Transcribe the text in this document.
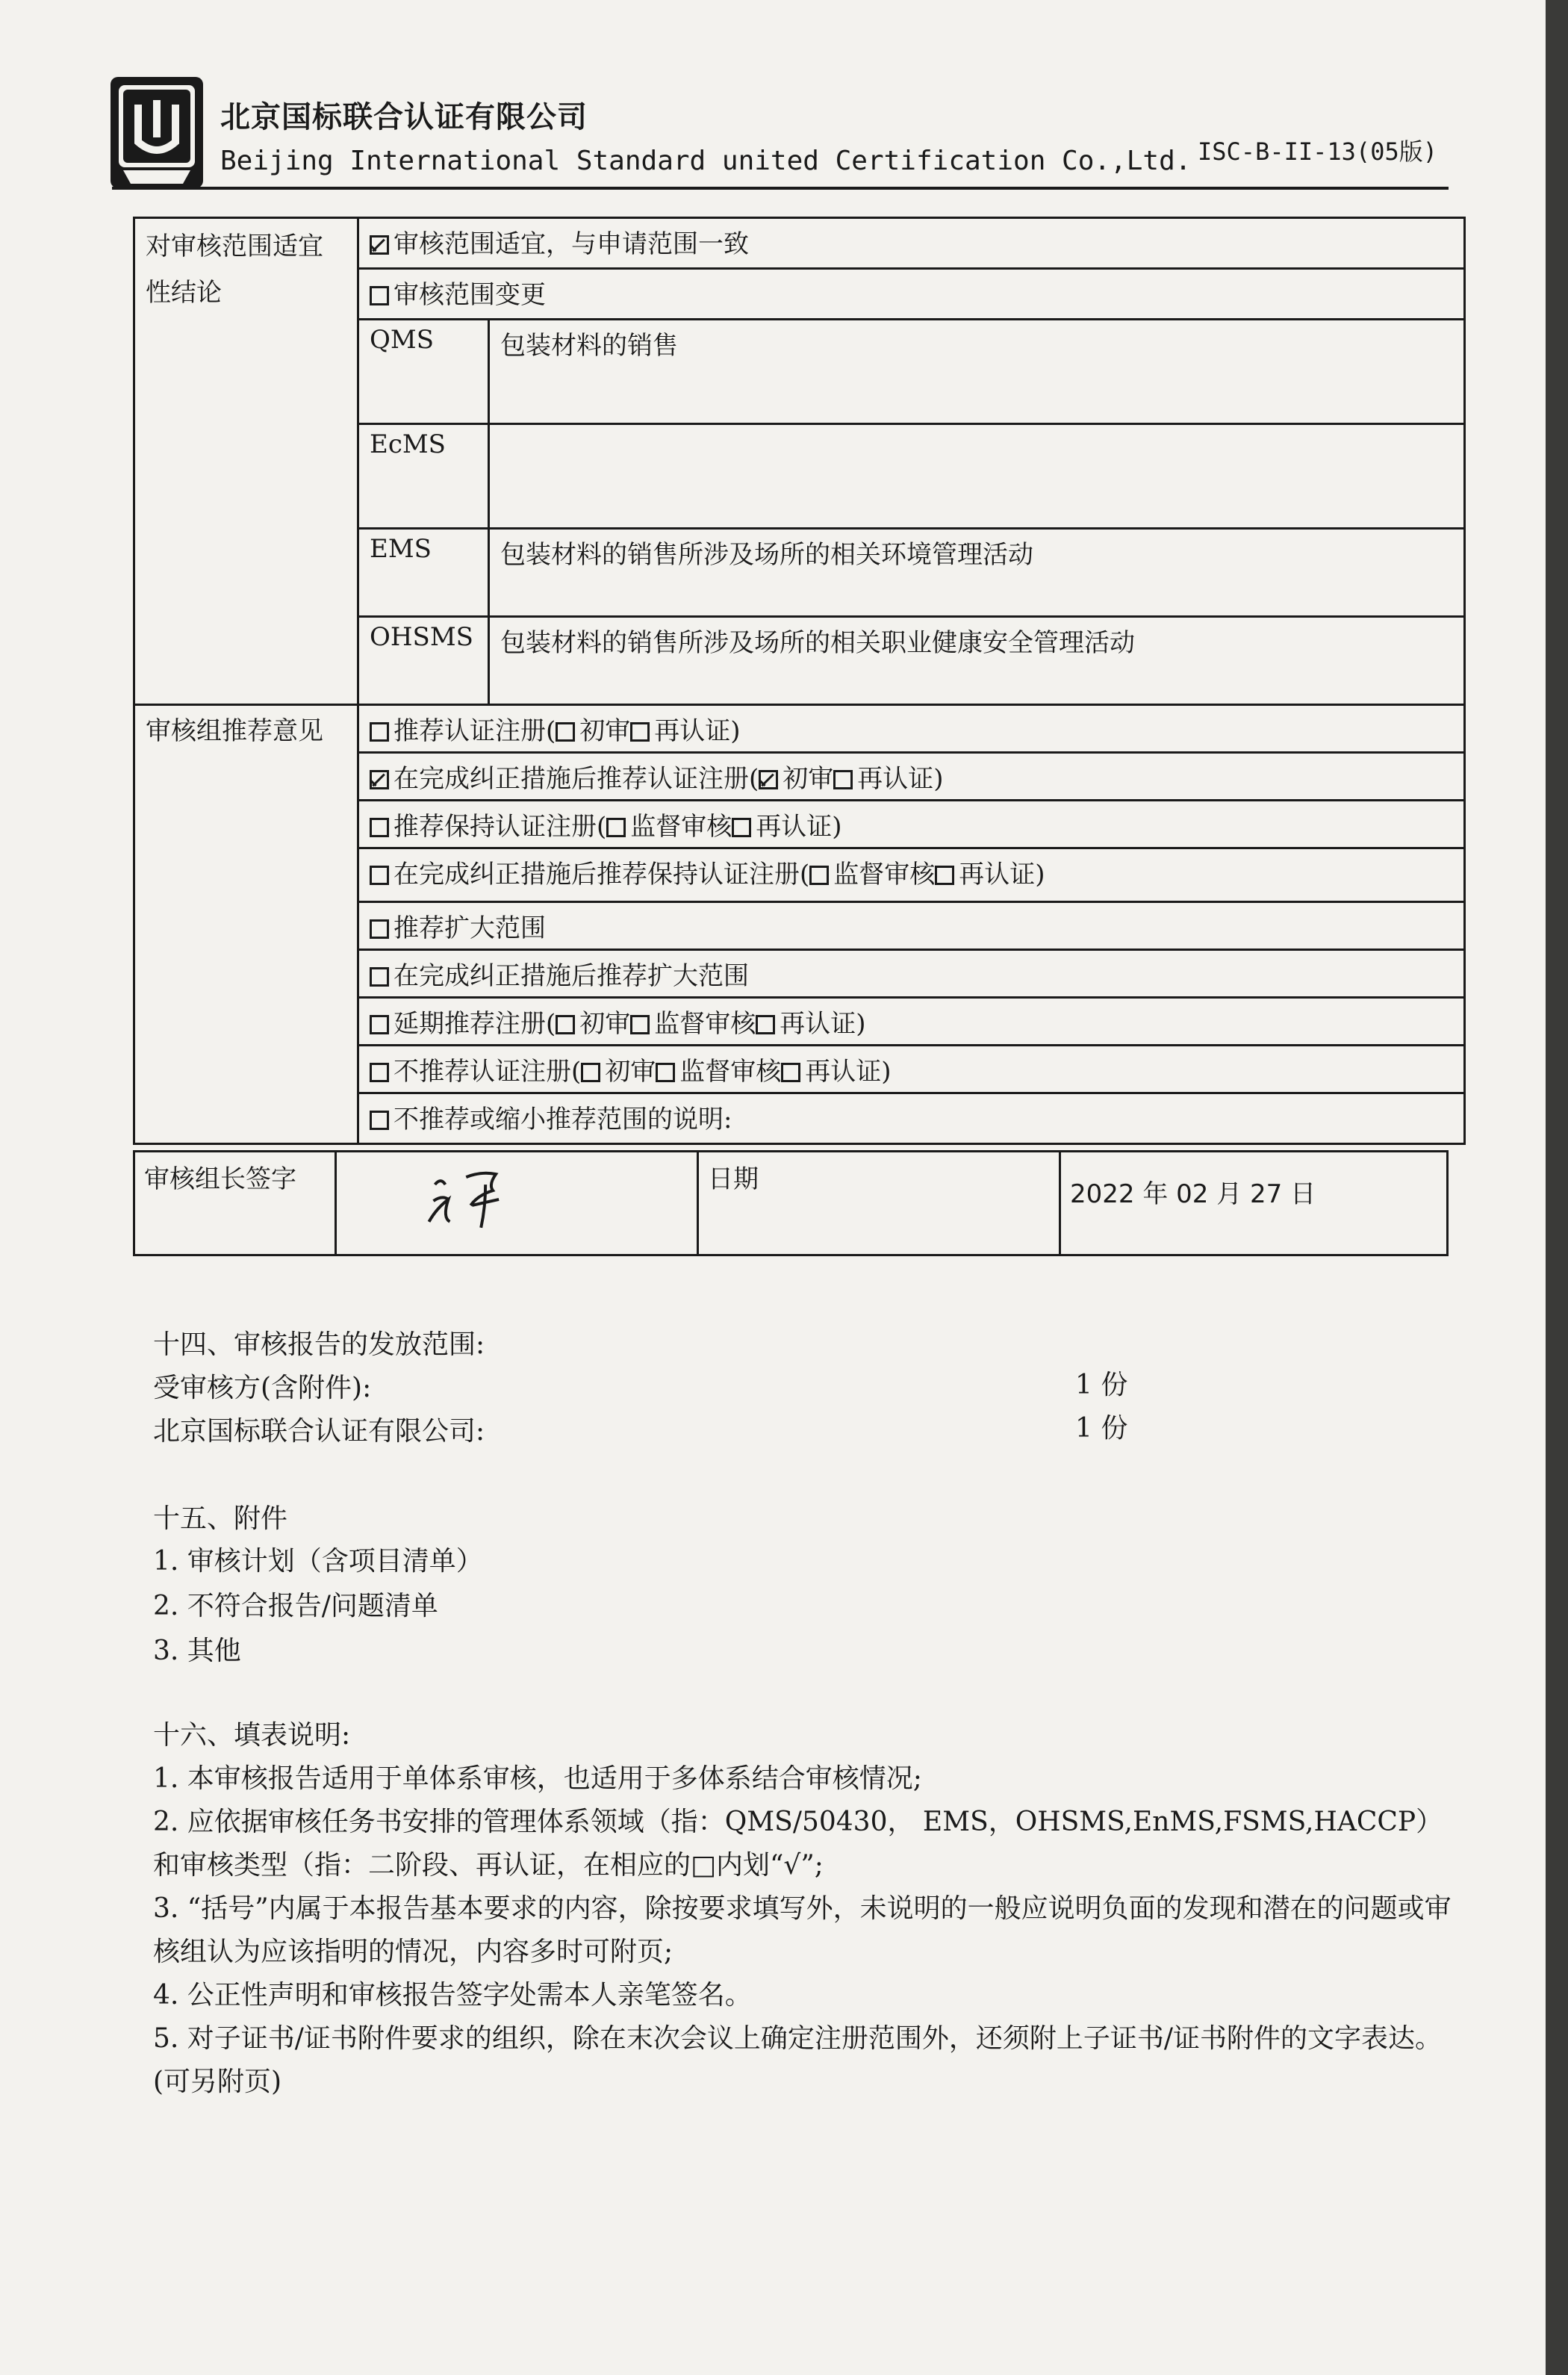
北京国标联合认证有限公司
Beijing International Standard united Certification Co.,Ltd. ISC-B-II-13(05版)
对审核范围适宜性结论	审核范围适宜，与申请范围一致	
	审核范围变更	
	QMS	包装材料的销售
	EcMS	
	EMS	包装材料的销售所涉及场所的相关环境管理活动
	OHSMS	包装材料的销售所涉及场所的相关职业健康安全管理活动
审核组推荐意见	推荐认证注册( 初审 再认证)	
	在完成纠正措施后推荐认证注册( 初审 再认证)	
	推荐保持认证注册( 监督审核 再认证)	
	在完成纠正措施后推荐保持认证注册( 监督审核 再认证)	
	推荐扩大范围	
	在完成纠正措施后推荐扩大范围	
	延期推荐注册( 初审 监督审核 再认证)	
	不推荐认证注册( 初审 监督审核 再认证)	
	不推荐或缩小推荐范围的说明:	
审核组长签字		日期	2022 年 02 月 27 日
十四、审核报告的发放范围:
受审核方(含附件):	1 份
北京国标联合认证有限公司:	1 份
十五、附件
1. 审核计划（含项目清单）
2. 不符合报告/问题清单
3. 其他

十六、填表说明:

1. 本审核报告适用于单体系审核，也适用于多体系结合审核情况;

2. 应依据审核任务书安排的管理体系领域（指：QMS/50430， EMS，OHSMS,EnMS,FSMS,HACCP）和审核类型（指：二阶段、再认证，在相应的□内划“√”;

3. “括号”内属于本报告基本要求的内容，除按要求填写外，未说明的一般应说明负面的发现和潜在的问题或审核组认为应该指明的情况，内容多时可附页;

4. 公正性声明和审核报告签字处需本人亲笔签名。

5. 对子证书/证书附件要求的组织，除在末次会议上确定注册范围外，还须附上子证书/证书附件的文字表达。(可另附页)
